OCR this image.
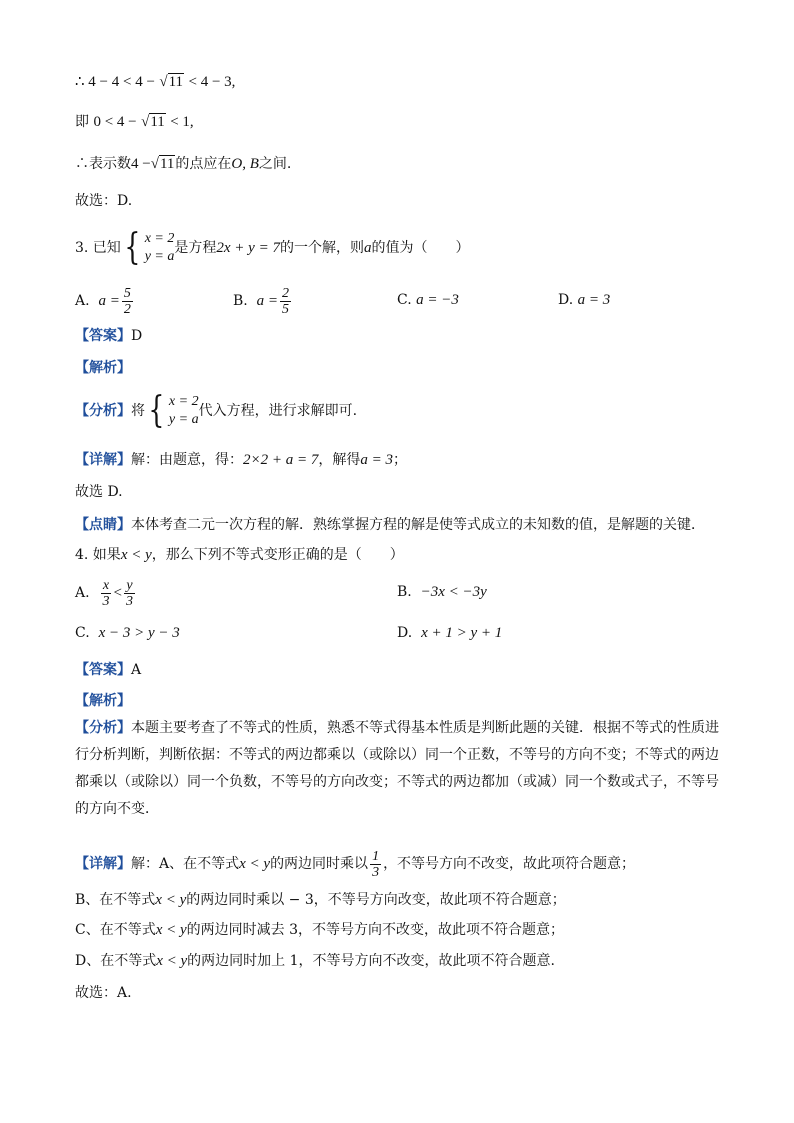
∴ 4 − 4 < 4 − √11 < 4 − 3,
即 0 < 4 − √11 < 1,
∴表示数4 −√11的点应在O, B之间.
故选：D.
3. 已知 { x = 2
y = a
是方程2x + y = 7的一个解，则a的值为（　　）
A. $a = \frac{5}{2}$	B. $a = \frac{2}{5}$	C. a = −3	D. a = 3
【答案】D
【解析】
【分析】将 { x = 2
y = a
代入方程，进行求解即可.
【详解】解：由题意，得：2×2 + a = 7，解得a = 3；
故选 D.
【点睛】本体考查二元一次方程的解．熟练掌握方程的解是使等式成立的未知数的值，是解题的关键．
4. 如果x < y，那么下列不等式变形正确的是（　　）
A. $\frac{x}{3} < \frac{y}{3}$	B. −3x < −3y
C. x − 3 > y − 3	D. x + 1 > y + 1
【答案】A
【解析】
【分析】本题主要考查了不等式的性质，熟悉不等式得基本性质是判断此题的关键．根据不等式的性质进行分析判断，判断依据：不等式的两边都乘以（或除以）同一个正数，不等号的方向不变；不等式的两边都乘以（或除以）同一个负数，不等号的方向改变；不等式的两边都加（或减）同一个数或式子，不等号的方向不变．
【详解】解：A、在不等式x < y的两边同时乘以 $\frac{1}{3}$ ，不等号方向不改变，故此项符合题意；
B、在不等式x < y的两边同时乘以 − 3，不等号方向改变，故此项不符合题意；
C、在不等式x < y的两边同时减去 3，不等号方向不改变，故此项不符合题意；
D、在不等式x < y的两边同时加上 1，不等号方向不改变，故此项不符合题意.
故选：A.
